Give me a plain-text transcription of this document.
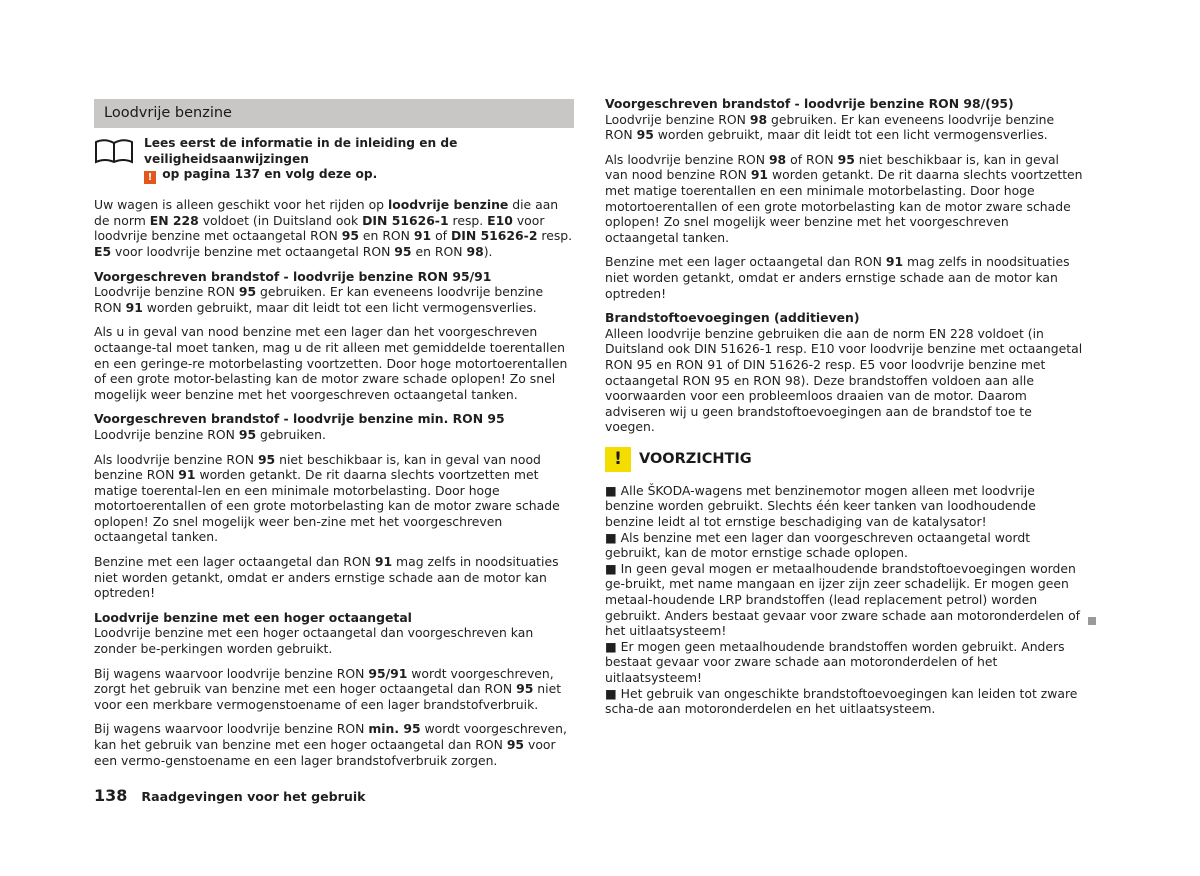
Loodvrije benzine
Lees eerst de informatie in de inleiding en de veiligheidsaanwijzingen
! op pagina 137 en volg deze op.

Uw wagen is alleen geschikt voor het rijden op loodvrije benzine die aan de norm EN 228 voldoet (in Duitsland ook DIN 51626-1 resp. E10 voor loodvrije benzine met octaangetal RON 95 en RON 91 of DIN 51626-2 resp. E5 voor loodvrije benzine met octaangetal RON 95 en RON 98).

Voorgeschreven brandstof - loodvrije benzine RON 95/91
Loodvrije benzine RON 95 gebruiken. Er kan eveneens loodvrije benzine RON 91 worden gebruikt, maar dit leidt tot een licht vermogensverlies.

Als u in geval van nood benzine met een lager dan het voorgeschreven octaange-tal moet tanken, mag u de rit alleen met gemiddelde toerentallen en een geringe-re motorbelasting voortzetten. Door hoge motortoerentallen of een grote motor-belasting kan de motor zware schade oplopen! Zo snel mogelijk weer benzine met het voorgeschreven octaangetal tanken.

Voorgeschreven brandstof - loodvrije benzine min. RON 95
Loodvrije benzine RON 95 gebruiken.

Als loodvrije benzine RON 95 niet beschikbaar is, kan in geval van nood benzine RON 91 worden getankt. De rit daarna slechts voortzetten met matige toerental-len en een minimale motorbelasting. Door hoge motortoerentallen of een grote motorbelasting kan de motor zware schade oplopen! Zo snel mogelijk weer ben-zine met het voorgeschreven octaangetal tanken.

Benzine met een lager octaangetal dan RON 91 mag zelfs in noodsituaties niet worden getankt, omdat er anders ernstige schade aan de motor kan optreden!

Loodvrije benzine met een hoger octaangetal
Loodvrije benzine met een hoger octaangetal dan voorgeschreven kan zonder be-perkingen worden gebruikt.

Bij wagens waarvoor loodvrije benzine RON 95/91 wordt voorgeschreven, zorgt het gebruik van benzine met een hoger octaangetal dan RON 95 niet voor een merkbare vermogenstoename of een lager brandstofverbruik.

Bij wagens waarvoor loodvrije benzine RON min. 95 wordt voorgeschreven, kan het gebruik van benzine met een hoger octaangetal dan RON 95 voor een vermo-genstoename en een lager brandstofverbruik zorgen.

Voorgeschreven brandstof - loodvrije benzine RON 98/(95)
Loodvrije benzine RON 98 gebruiken. Er kan eveneens loodvrije benzine RON 95 worden gebruikt, maar dit leidt tot een licht vermogensverlies.

Als loodvrije benzine RON 98 of RON 95 niet beschikbaar is, kan in geval van nood benzine RON 91 worden getankt. De rit daarna slechts voortzetten met matige toerentallen en een minimale motorbelasting. Door hoge motortoerentallen of een grote motorbelasting kan de motor zware schade oplopen! Zo snel mogelijk weer benzine met het voorgeschreven octaangetal tanken.

Benzine met een lager octaangetal dan RON 91 mag zelfs in noodsituaties niet worden getankt, omdat er anders ernstige schade aan de motor kan optreden!

Brandstoftoevoegingen (additieven)
Alleen loodvrije benzine gebruiken die aan de norm EN 228 voldoet (in Duitsland ook DIN 51626-1 resp. E10 voor loodvrije benzine met octaangetal RON 95 en RON 91 of DIN 51626-2 resp. E5 voor loodvrije benzine met octaangetal RON 95 en RON 98). Deze brandstoffen voldoen aan alle voorwaarden voor een probleemloos draaien van de motor. Daarom adviseren wij u geen brandstoftoevoegingen aan de brandstof toe te voegen.

!	VOORZICHTIG

■ Alle ŠKODA-wagens met benzinemotor mogen alleen met loodvrije benzine worden gebruikt. Slechts één keer tanken van loodhoudende benzine leidt al tot ernstige beschadiging van de katalysator!

■ Als benzine met een lager dan voorgeschreven octaangetal wordt gebruikt, kan de motor ernstige schade oplopen.

■ In geen geval mogen er metaalhoudende brandstoftoevoegingen worden ge-bruikt, met name mangaan en ijzer zijn zeer schadelijk. Er mogen geen metaal-houdende LRP brandstoffen (lead replacement petrol) worden gebruikt. Anders bestaat gevaar voor zware schade aan motoronderdelen of het uitlaatsysteem!

■ Er mogen geen metaalhoudende brandstoffen worden gebruikt. Anders bestaat gevaar voor zware schade aan motoronderdelen of het uitlaatsysteem!

■ Het gebruik van ongeschikte brandstoftoevoegingen kan leiden tot zware scha-de aan motoronderdelen en het uitlaatsysteem.

138 Raadgevingen voor het gebruik
